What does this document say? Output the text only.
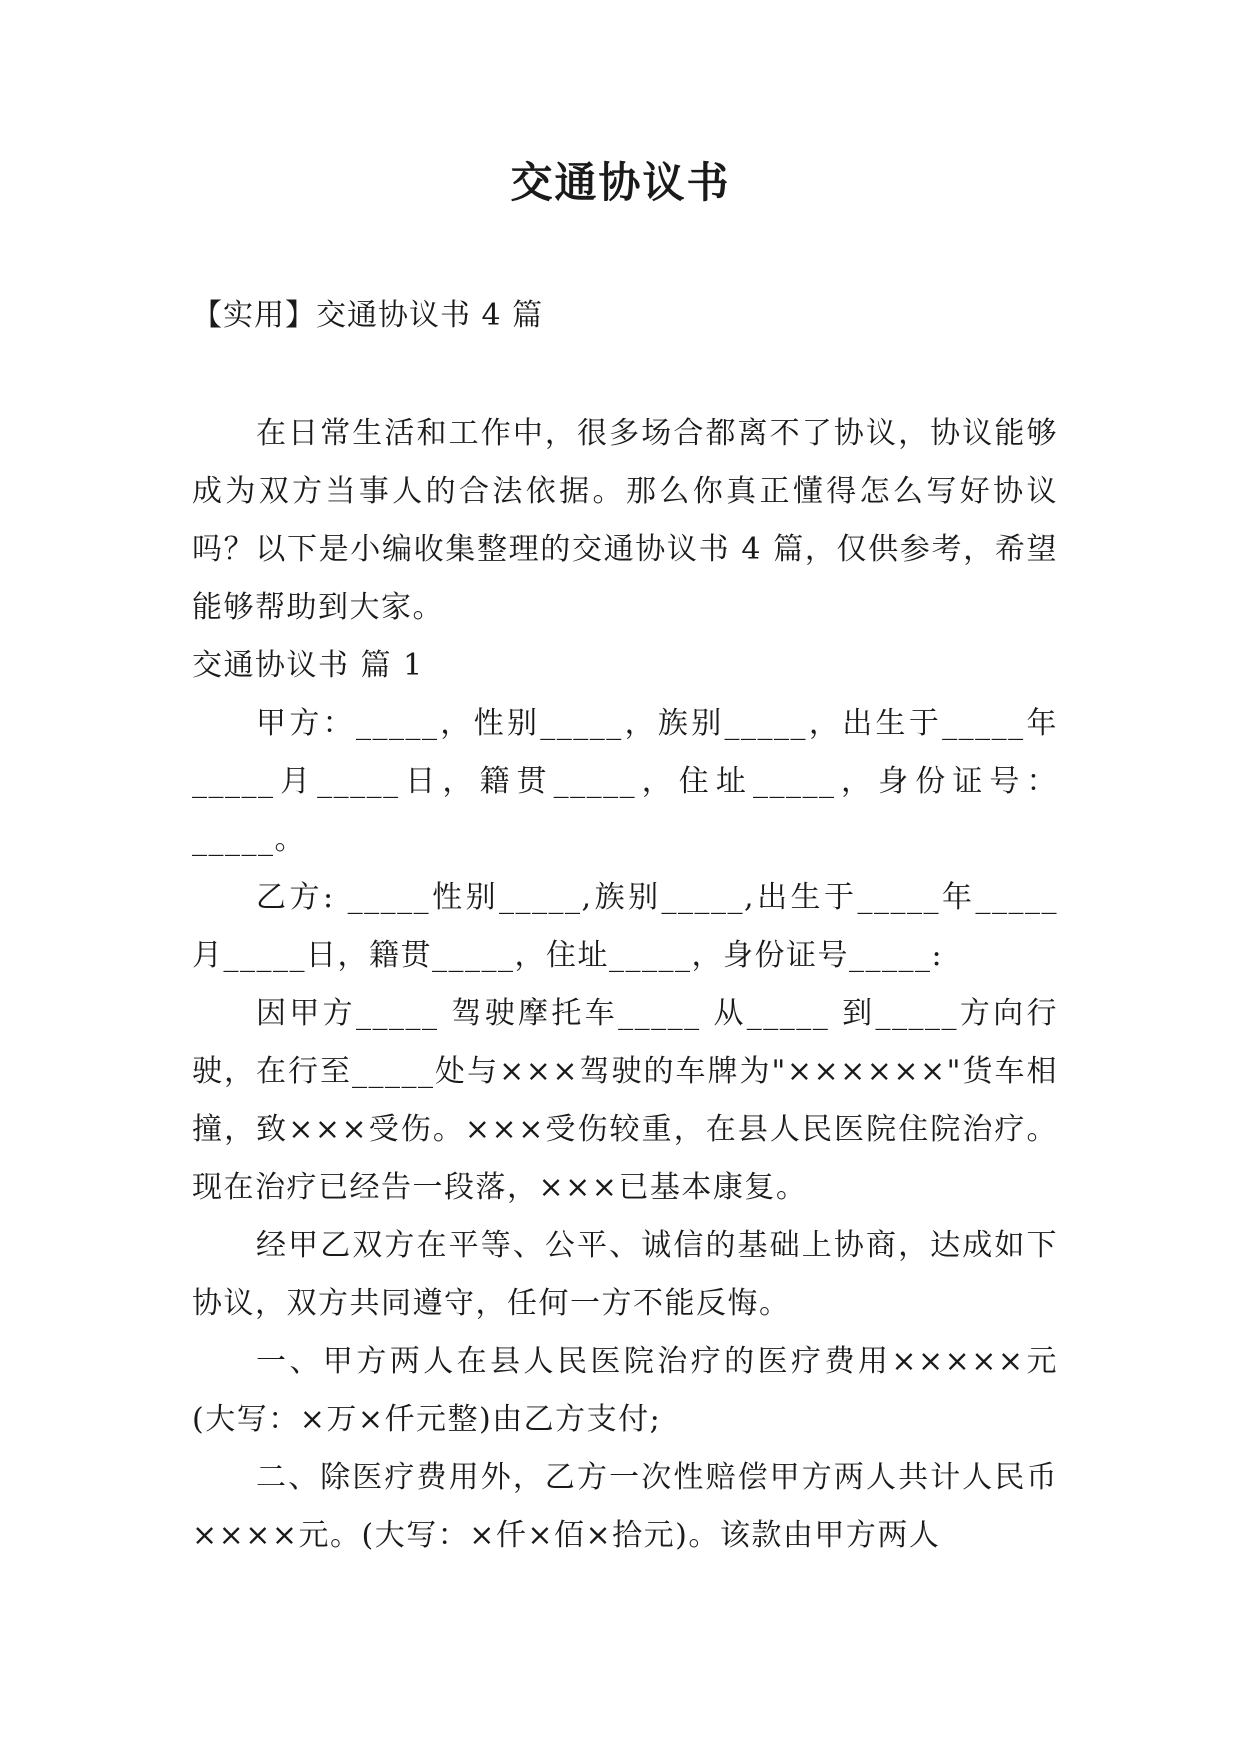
交通协议书

【实用】交通协议书 4 篇

在日常生活和工作中，很多场合都离不了协议，协议能够成为双方当事人的合法依据。那么你真正懂得怎么写好协议吗？以下是小编收集整理的交通协议书 4 篇，仅供参考，希望能够帮助到大家。

交通协议书 篇 1

甲方：_____，性别_____，族别_____，出生于_____年_____月_____日，籍贯_____，住址_____，身份证号：_____。

乙方: _____性别_____,族别_____,出生于_____年_____月_____日，籍贯_____，住址_____，身份证号_____:

因甲方_____ 驾驶摩托车_____ 从_____ 到_____方向行驶，在行至_____处与×××驾驶的车牌为"××××××"货车相撞，致×××受伤。×××受伤较重，在县人民医院住院治疗。现在治疗已经告一段落，×××已基本康复。

经甲乙双方在平等、公平、诚信的基础上协商，达成如下协议，双方共同遵守，任何一方不能反悔。

一、甲方两人在县人民医院治疗的医疗费用×××××元(大写：×万×仟元整)由乙方支付;

二、除医疗费用外，乙方一次性赔偿甲方两人共计人民币××××元。(大写：×仟×佰×拾元)。该款由甲方两人
